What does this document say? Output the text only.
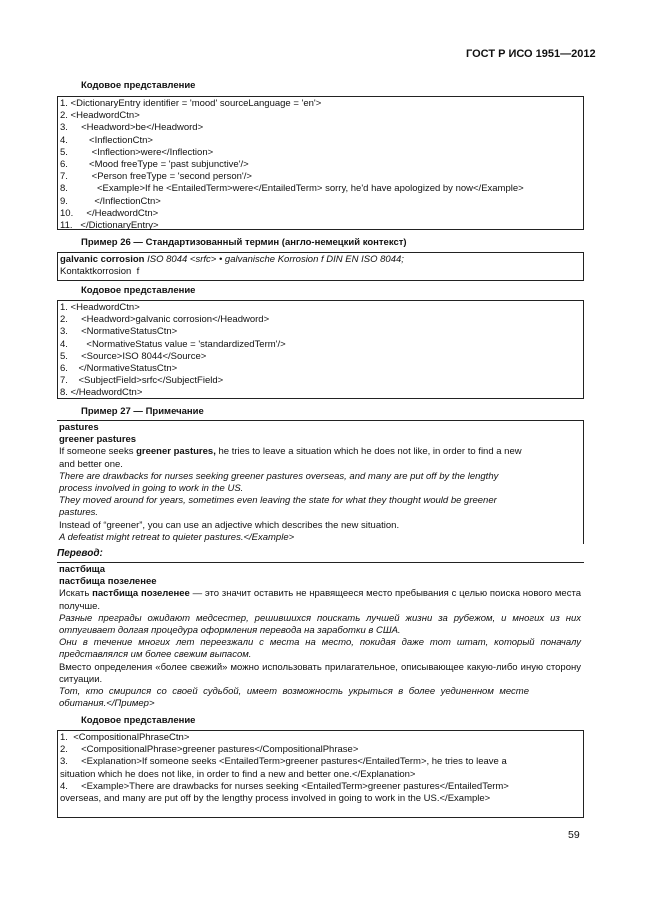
ГОСТ Р ИСО 1951—2012
Кодовое представление
1. <DictionaryEntry identifier = 'mood' sourceLanguage = 'en'>
2. <HeadwordCtn>
3.     <Headword>be</Headword>
4.        <InflectionCtn>
5.         <Inflection>were</Inflection>
6.        <Mood freeType = 'past subjunctive'/>
7.         <Person freeType = 'second person'/>
8.           <Example>If he <EntailedTerm>were</EntailedTerm> sorry, he'd have apologized by now</Example>
9.          </InflectionCtn>
10.     </HeadwordCtn>
11.   </DictionaryEntry>
Пример 26 — Стандартизованный термин (англо-немецкий контекст)
galvanic corrosion ISO 8044 <srfc> • galvanische Korrosion f DIN EN ISO 8044;
Kontaktkorrosion  f
Кодовое представление
1. <HeadwordCtn>
2.     <Headword>galvanic corrosion</Headword>
3.     <NormativeStatusCtn>
4.       <NormativeStatus value = 'standardizedTerm'/>
5.     <Source>ISO 8044</Source>
6.    </NormativeStatusCtn>
7.    <SubjectField>srfc</SubjectField>
8. </HeadwordCtn>
Пример 27 — Примечание
pastures
greener pastures
If someone seeks greener pastures, he tries to leave a situation which he does not like, in order to find a new and better one.
There are drawbacks for nurses seeking greener pastures overseas, and many are put off by the lengthy process involved in going to work in the US.
They moved around for years, sometimes even leaving the state for what they thought would be greener pastures.
Instead of “greener”, you can use an adjective which describes the new situation.
A defeatist might retreat to quieter pastures.</Example>
Перевод:
пастбища
пастбища позеленее
Искать пастбища позеленее — это значит оставить не нравящееся место пребывания с целью поиска нового места получше.
Разные преграды ожидают медсестер, решившихся поискать лучшей жизни за рубежом, и многих из них отпугивает долгая процедура оформления перевода на заработки в США.
Они в течение многих лет переезжали с места на место, покидая даже тот штат, который поначалу представлялся им более свежим выпасом.
Вместо определения «более свежий» можно использовать прилагательное, описывающее какую-либо иную сторону ситуации.
Тот, кто смирился со своей судьбой, имеет возможность укрыться в более уединенном месте обитания.</Пример>
Кодовое представление
1.  <CompositionalPhraseCtn>
2.     <CompositionalPhrase>greener pastures</CompositionalPhrase>
3.     <Explanation>If someone seeks <EntailedTerm>greener pastures</EntailedTerm>, he tries to leave a situation which he does not like, in order to find a new and better one.</Explanation>
4.     <Example>There are drawbacks for nurses seeking <EntailedTerm>greener pastures</EntailedTerm> overseas, and many are put off by the lengthy process involved in going to work in the US.</Example>
59
